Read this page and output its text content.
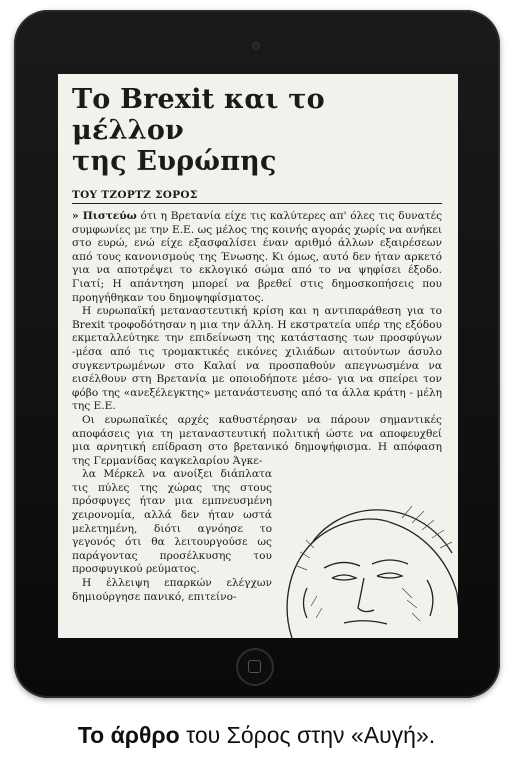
Το Brexit και το μέλλον
της Ευρώπης
ΤΟΥ ΤΖΟΡΤΖ ΣΟΡΟΣ

» Πιστεύω ότι η Βρετανία είχε τις καλύτερες απ' όλες τις δυνατές συμφωνίες με την Ε.Ε. ως μέλος της κοινής αγοράς χωρίς να ανήκει στο ευρώ, ενώ είχε εξασφαλίσει έναν αριθμό άλλων εξαιρέσεων από τους κανονισμούς της Ένωσης. Κι όμως, αυτό δεν ήταν αρκετό για να αποτρέψει το εκλογικό σώμα από το να ψηφίσει έξοδο. Γιατί; Η απάντηση μπορεί να βρεθεί στις δημοσκοπήσεις που προηγήθηκαν του δημοψηφίσματος.

Η ευρωπαϊκή μεταναστευτική κρίση και η αντιπαράθεση για το Brexit τροφοδότησαν η μια την άλλη. Η εκστρατεία υπέρ της εξόδου εκμεταλλεύτηκε την επιδείνωση της κατάστασης των προσφύγων -μέσα από τις τρομακτικές εικόνες χιλιάδων αιτούντων άσυλο συγκεντρωμένων στο Καλαί να προσπαθούν απεγνωσμένα να εισέλθουν στη Βρετανία με οποιοδήποτε μέσο- για να σπείρει τον φόβο της «ανεξέλεγκτης» μετανάστευσης από τα άλλα κράτη - μέλη της Ε.Ε.

Οι ευρωπαϊκές αρχές καθυστέρησαν να πάρουν σημαντικές αποφάσεις για τη μεταναστευτική πολιτική ώστε να αποφευχθεί μια αρνητική επίδραση στο βρετανικό δημοψήφισμα. Η απόφαση της Γερμανίδας καγκελαρίου Άγκε-

λα Μέρκελ να ανοίξει διάπλατα τις πύλες της χώρας της στους πρόσφυγες ήταν μια εμπνευσμένη χειρονομία, αλλά δεν ήταν ωστά μελετημένη, διότι αγνόησε το γεγονός ότι θα λειτουργούσε ως παράγοντας προσέλκυσης του προσφυγικού ρεύματος.

Η έλλειψη επαρκών ελέγχων δημιούργησε πανικό, επιτείνο-

Το άρθρο του Σόρος στην «Αυγή».
